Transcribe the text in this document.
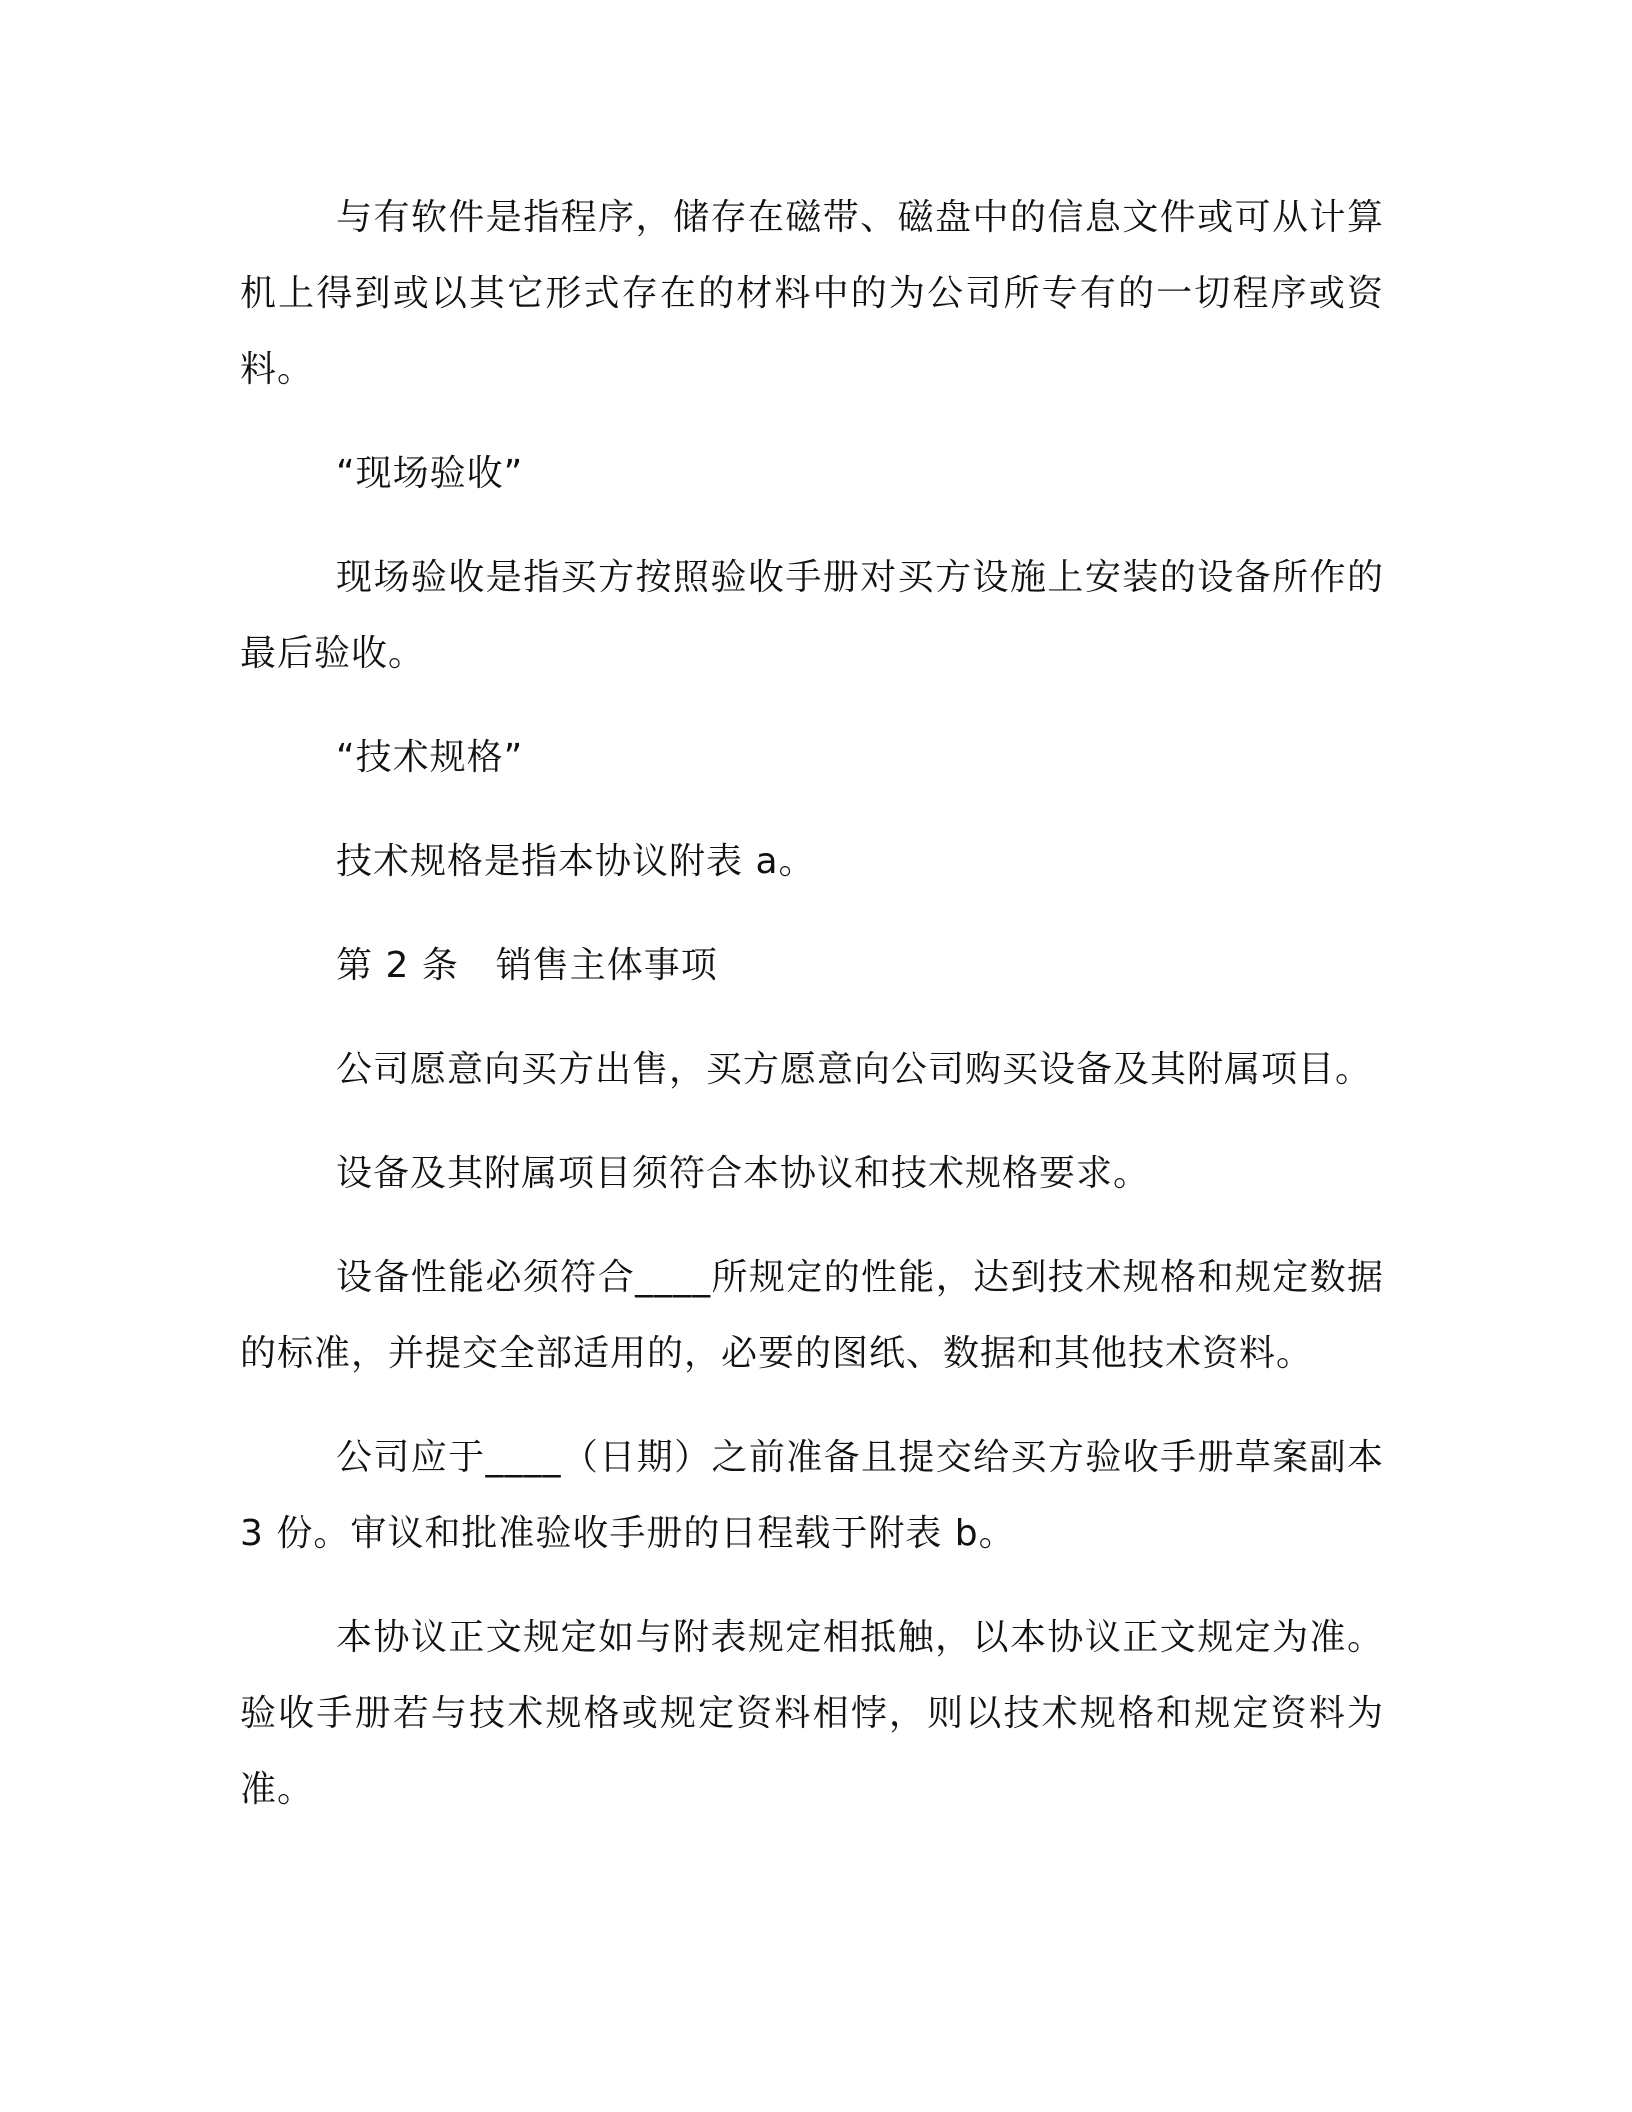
与有软件是指程序，储存在磁带、磁盘中的信息文件或可从计算机上得到或以其它形式存在的材料中的为公司所专有的一切程序或资料。

“现场验收”

现场验收是指买方按照验收手册对买方设施上安装的设备所作的最后验收。

“技术规格”

技术规格是指本协议附表 a。

第 2 条　销售主体事项

公司愿意向买方出售，买方愿意向公司购买设备及其附属项目。

设备及其附属项目须符合本协议和技术规格要求。

设备性能必须符合____所规定的性能，达到技术规格和规定数据的标准，并提交全部适用的，必要的图纸、数据和其他技术资料。

公司应于____（日期）之前准备且提交给买方验收手册草案副本 3 份。审议和批准验收手册的日程载于附表 b。

本协议正文规定如与附表规定相抵触，以本协议正文规定为准。验收手册若与技术规格或规定资料相悖，则以技术规格和规定资料为准。
